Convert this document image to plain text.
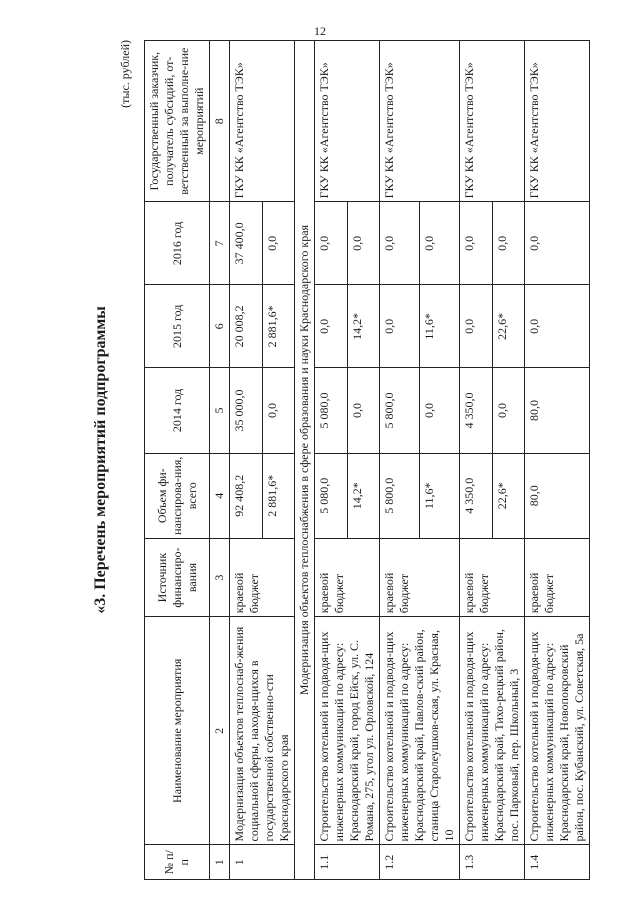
12
«3. Перечень мероприятий подпрограммы
(тыс. рублей)
№ п/п	Наименование мероприятия	Источник финансиро-вания	Объем фи-нансирова-ния, всего	2014 год	2015 год	2016 год	Государственный заказчик, получатель субсидий, от-ветственный за выполне-ние мероприятий
1	2	3	4	5	6	7	8
1	Модернизация объектов теплоснаб-жения социальной сферы, находя-щихся в государственной собственно-сти Краснодарского края	краевой бюджет	92 408,2	35 000,0	20 008,2	37 400,0	ГКУ КК «Агентство ТЭК»
			2 881,6*	0,0	2 881,6*	0,0	
Модернизация объектов теплоснабжения в сфере образования и науки Краснодарского края							
1.1	Строительство котельной и подводя-щих инженерных коммуникаций по адресу: Краснодарский край, город Ейск, ул. С. Романа, 275, угол ул. Орловской, 124	краевой бюджет	5 080,0	5 080,0	0,0	0,0	ГКУ КК «Агентство ТЭК»
			14,2*	0,0	14,2*	0,0	
1.2	Строительство котельной и подводя-щих инженерных коммуникаций по адресу: Краснодарский край, Павлов-ский район, станица Старолеушков-ская, ул. Красная, 10	краевой бюджет	5 800,0	5 800,0	0,0	0,0	ГКУ КК «Агентство ТЭК»
			11,6*	0,0	11,6*	0,0	
1.3	Строительство котельной и подводя-щих инженерных коммуникаций по адресу: Краснодарский край, Тихо-рецкий район, пос. Парковый, пер. Школьный, 3	краевой бюджет	4 350,0	4 350,0	0,0	0,0	ГКУ КК «Агентство ТЭК»
			22,6*	0,0	22,6*	0,0	
1.4	Строительство котельной и подводя-щих инженерных коммуникаций по адресу: Краснодарский край, Новопокровский район, пос. Кубанский, ул. Советская, 5а	краевой бюджет	80,0	80,0	0,0	0,0	ГКУ КК «Агентство ТЭК»
